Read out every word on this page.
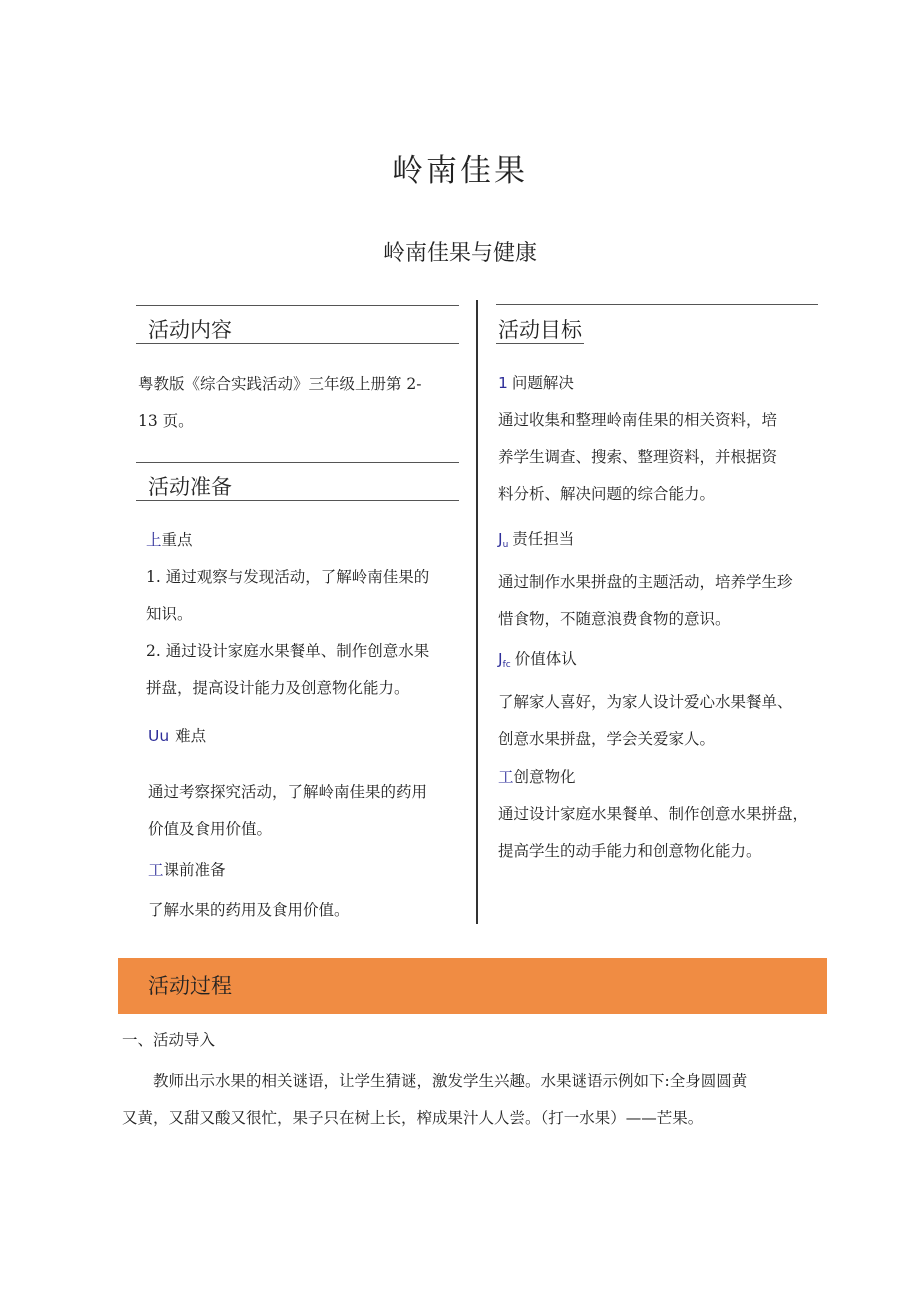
岭南佳果
岭南佳果与健康
活动内容
粤教版《综合实践活动》三年级上册第 2-
13 页。
活动准备
上重点
1. 通过观察与发现活动，了解岭南佳果的
知识。
2. 通过设计家庭水果餐单、制作创意水果
拼盘，提高设计能力及创意物化能力。
Uu 难点
通过考察探究活动，了解岭南佳果的药用
价值及食用价值。
工课前准备
了解水果的药用及食用价值。
活动目标
1 问题解决
通过收集和整理岭南佳果的相关资料，培
养学生调查、搜索、整理资料，并根据资
料分析、解决问题的综合能力。
Ju 责任担当
通过制作水果拼盘的主题活动，培养学生珍
惜食物，不随意浪费食物的意识。
Jfc 价值体认
了解家人喜好，为家人设计爱心水果餐单、
创意水果拼盘，学会关爱家人。
工创意物化
通过设计家庭水果餐单、制作创意水果拼盘，
提高学生的动手能力和创意物化能力。
活动过程
一、活动导入
教师出示水果的相关谜语，让学生猜谜，激发学生兴趣。水果谜语示例如下:全身圆圆黄
又黄，又甜又酸又很忙，果子只在树上长，榨成果汁人人尝。（打一水果）——芒果。
